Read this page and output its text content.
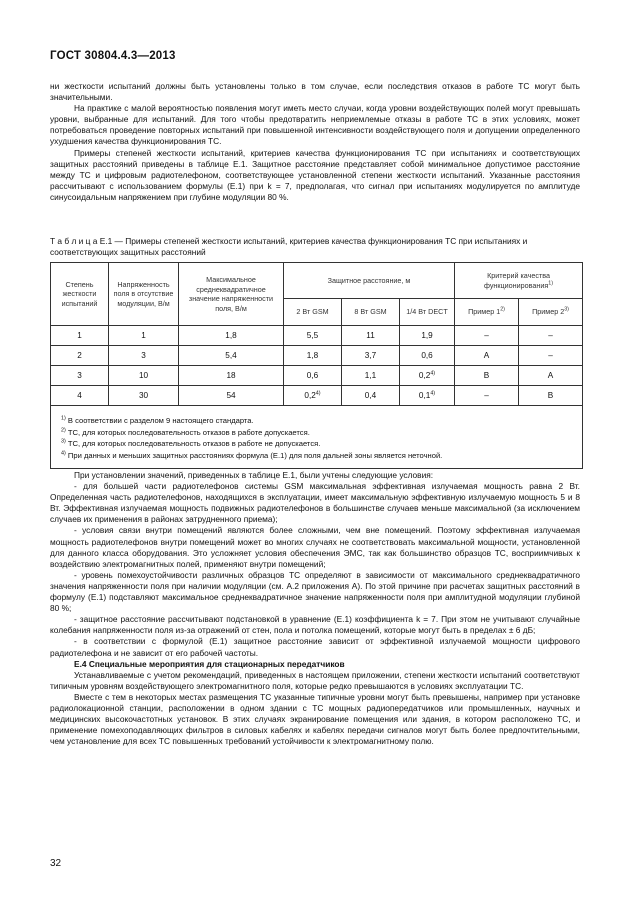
ГОСТ 30804.4.3—2013

ни жесткости испытаний должны быть установлены только в том случае, если последствия отказов в работе ТС могут быть значительными.

На практике с малой вероятностью появления могут иметь место случаи, когда уровни воздействующих полей могут превышать уровни, выбранные для испытаний. Для того чтобы предотвратить неприемлемые отказы в работе ТС в этих условиях, может потребоваться проведение повторных испытаний при повышенной интенсивности воздействующего поля и допущении определенного ухудшения качества функционирования ТС.

Примеры степеней жесткости испытаний, критериев качества функционирования ТС при испытаниях и соответствующих защитных расстояний приведены в таблице Е.1. Защитное расстояние представляет собой минимальное допустимое расстояние между ТС и цифровым радиотелефоном, соответствующее установленной степени жесткости испытаний. Указанные расстояния рассчитывают с использованием формулы (Е.1) при k = 7, предполагая, что сигнал при испытаниях модулируется по амплитуде синусоидальным напряжением при глубине модуляции 80 %.

Т а б л и ц а Е.1 — Примеры степеней жесткости испытаний, критериев качества функционирования ТС при испытаниях и соответствующих защитных расстояний
Степень жесткости испытаний	Напряженность поля в отсутствие модуляции, В/м	Максимальное среднеквадратичное значение напряженности поля, В/м	Защитное расстояние, м			Критерий качества функционирования$^{1)}$
			2 Вт GSM	8 Вт GSM	1/4 Вт DECT	Пример 1$^{2)}$	Пример 2$^{3)}$
1	1	1,8	5,5	11	1,9	–	–
2	3	5,4	1,8	3,7	0,6	А	–
3	10	18	0,6	1,1	0,2$^{4)}$	В	А
4	30	54	0,2$^{4)}$	0,4	0,1$^{4)}$	–	В

$^{1)}$ В соответствии с разделом 9 настоящего стандарта.
$^{2)}$ ТС, для которых последовательность отказов в работе допускается.
$^{3)}$ ТС, для которых последовательность отказов в работе не допускается.
$^{4)}$ При данных и меньших защитных расстояниях формула (Е.1) для поля дальней зоны является неточной.							

При установлении значений, приведенных в таблице Е.1, были учтены следующие условия:

- для большей части радиотелефонов системы GSM максимальная эффективная излучаемая мощность равна 2 Вт. Определенная часть радиотелефонов, находящихся в эксплуатации, имеет максимальную эффективную излучаемую мощность 5 и 8 Вт. Эффективная излучаемая мощность подвижных радиотелефонов в большинстве случаев меньше максимальной (за исключением случаев их применения в районах затрудненного приема);

- условия связи внутри помещений являются более сложными, чем вне помещений. Поэтому эффективная излучаемая мощность радиотелефонов внутри помещений может во многих случаях не соответствовать максимальной мощности, установленной для данного класса оборудования. Это усложняет условия обеспечения ЭМС, так как большинство образцов ТС, восприимчивых к воздействию электромагнитных полей, применяют внутри помещений;

- уровень помехоустойчивости различных образцов ТС определяют в зависимости от максимального среднеквадратичного значения напряженности поля при наличии модуляции (см. А.2 приложения А). По этой причине при расчетах защитных расстояний в формулу (Е.1) подставляют максимальное среднеквадратичное значение напряженности поля при амплитудной модуляции глубиной 80 %;

- защитное расстояние рассчитывают подстановкой в уравнение (Е.1) коэффициента k = 7. При этом не учитывают случайные колебания напряженности поля из-за отражений от стен, пола и потолка помещений, которые могут быть в пределах ± 6 дБ;

- в соответствии с формулой (Е.1) защитное расстояние зависит от эффективной излучаемой мощности цифрового радиотелефона и не зависит от его рабочей частоты.

Е.4 Специальные мероприятия для стационарных передатчиков

Устанавливаемые с учетом рекомендаций, приведенных в настоящем приложении, степени жесткости испытаний соответствуют типичным уровням воздействующего электромагнитного поля, которые редко превышаются в условиях эксплуатации ТС.

Вместе с тем в некоторых местах размещения ТС указанные типичные уровни могут быть превышены, например при установке радиолокационной станции, расположении в одном здании с ТС мощных радиопередатчиков или промышленных, научных и медицинских высокочастотных установок. В этих случаях экранирование помещения или здания, в котором расположено ТС, и применение помехоподавляющих фильтров в силовых кабелях и кабелях передачи сигналов могут быть более предпочтительными, чем установление для всех ТС повышенных требований устойчивости к электромагнитному полю.

32
